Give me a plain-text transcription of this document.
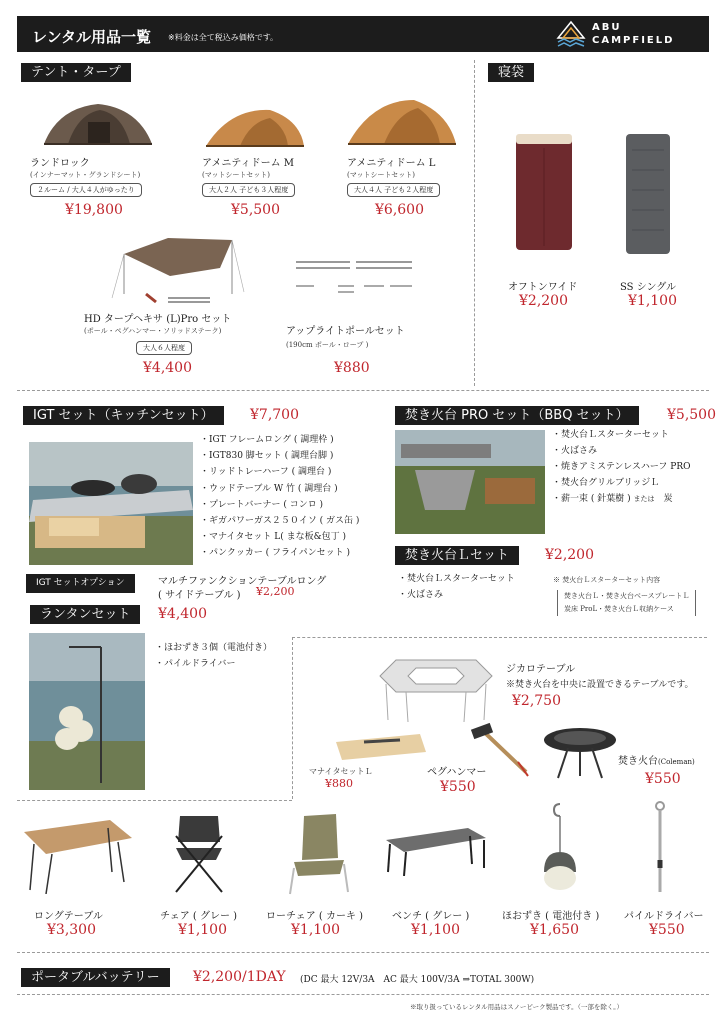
レンタル用品一覧 ※料金は全て税込み価格です。
ABU
CAMPFIELD
テント・タープ
ランドロック
(インナーマット・グランドシート)
２ルーム / 大人４人がゆったり
¥19,800
アメニティドーム M
(マットシートセット)
大人２人 子ども３人程度
¥5,500
アメニティドーム L
(マットシートセット)
大人４人 子ども２人程度
¥6,600
HD タープヘキサ (L)Pro セット
(ポール・ペグハンマー・ソリッドステーク)
大人６人程度
¥4,400
アップライトポールセット
(190cm ポール・ロープ )
¥880
寝袋
オフトンワイド
¥2,200
SS シングル
¥1,100
IGT セット（キッチンセット）	¥7,700
・IGT フレームロング ( 調理枠 )
・IGT830 脚セット ( 調理台脚 )
・リッドトレーハーフ ( 調理台 )
・ウッドテーブル W 竹 ( 調理台 )
・プレートバーナー ( コンロ )
・ギガパワーガス２５０イソ ( ガス缶 )
・マナイタセット L( まな板&包丁 )
・パンクッカー ( フライパンセット )
IGT セットオプション	マルチファンクションテーブルロング
( サイドテーブル ) ¥2,200
焚き火台 PRO セット（BBQ セット）	¥5,500
・焚火台Ｌスターターセット
・火ばさみ
・焼きアミステンレスハーフ PRO
・焚火台グリルブリッジＬ
・薪一束 ( 針葉樹 ) または　 炭
焚き火台Ｌセット	¥2,200
・焚火台Ｌスターターセット
・火ばさみ
※ 焚火台Ｌスターターセット内容
焚き火台Ｌ・焚き火台ベースプレートＬ
炭床 ProL・焚き火台Ｌ収納ケース
ランタンセット	¥4,400
・ほおずき３個（電池付き）
・パイルドライバー	ジカロテーブル
※焚き火台を中央に設置できるテーブルです。
¥2,750
マナイタセットＬ
¥880
ペグハンマー
¥550
焚き火台(Coleman)
¥550
ロングテーブル
¥3,300
チェア ( グレー )
¥1,100
ローチェア ( カーキ )
¥1,100
ベンチ ( グレー )
¥1,100
ほおずき ( 電池付き )
¥1,650
パイルドライバー
¥550
ポータブルバッテリー	¥2,200/1DAY (DC 最大 12V/3A　AC 最大 100V/3A ⇒TOTAL 300W)
※取り扱っているレンタル用品はスノーピーク製品です。（一部を除く。）
